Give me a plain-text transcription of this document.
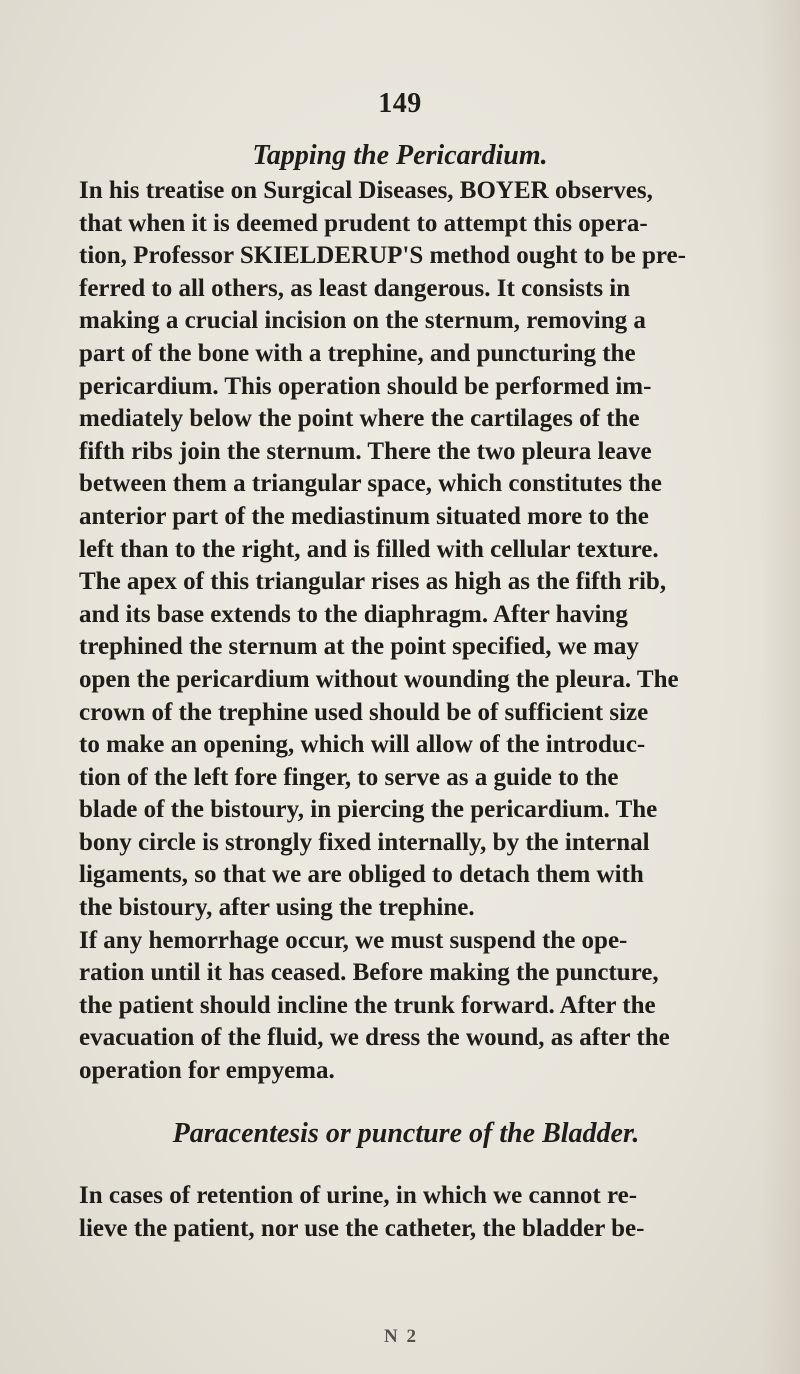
149
Tapping the Pericardium.

In his treatise on Surgical Diseases, BOYER observes,
that when it is deemed prudent to attempt this opera-
tion, Professor SKIELDERUP'S method ought to be pre-
ferred to all others, as least dangerous. It consists in
making a crucial incision on the sternum, removing a
part of the bone with a trephine, and puncturing the
pericardium. This operation should be performed im-
mediately below the point where the cartilages of the
fifth ribs join the sternum. There the two pleura leave
between them a triangular space, which constitutes the
anterior part of the mediastinum situated more to the
left than to the right, and is filled with cellular texture.
The apex of this triangular rises as high as the fifth rib,
and its base extends to the diaphragm. After having
trephined the sternum at the point specified, we may
open the pericardium without wounding the pleura. The
crown of the trephine used should be of sufficient size
to make an opening, which will allow of the introduc-
tion of the left fore finger, to serve as a guide to the
blade of the bistoury, in piercing the pericardium. The
bony circle is strongly fixed internally, by the internal
ligaments, so that we are obliged to detach them with
the bistoury, after using the trephine.

If any hemorrhage occur, we must suspend the ope-
ration until it has ceased. Before making the puncture,
the patient should incline the trunk forward. After the
evacuation of the fluid, we dress the wound, as after the
operation for empyema.

Paracentesis or puncture of the Bladder.

In cases of retention of urine, in which we cannot re-
lieve the patient, nor use the catheter, the bladder be-

N 2
